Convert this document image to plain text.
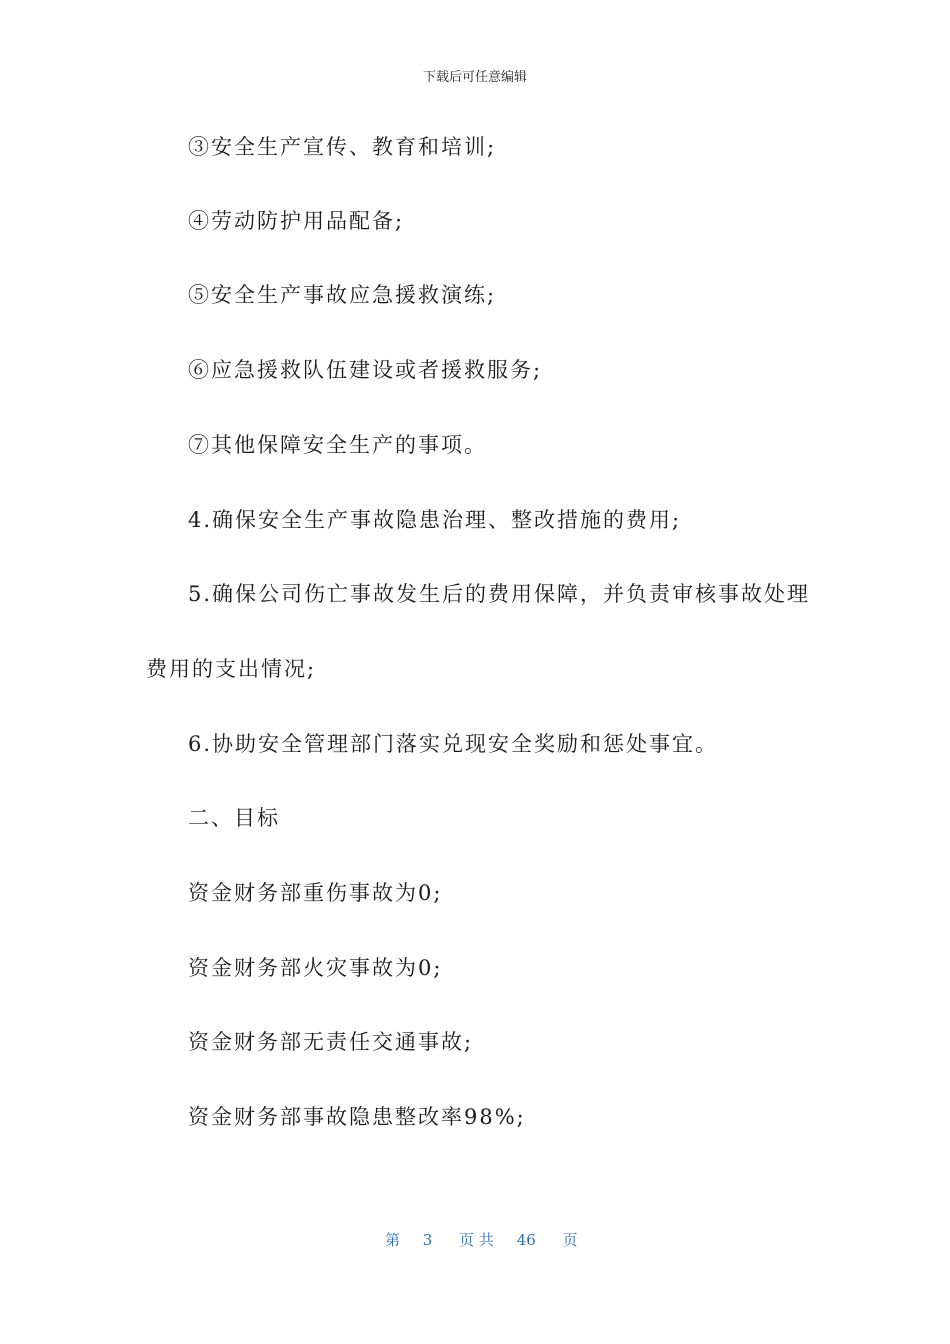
下载后可任意编辑
③安全生产宣传、教育和培训;
④劳动防护用品配备;
⑤安全生产事故应急援救演练;
⑥应急援救队伍建设或者援救服务;
⑦其他保障安全生产的事项。
4.确保安全生产事故隐患治理、整改措施的费用;
5.确保公司伤亡事故发生后的费用保障，并负责审核事故处理
费用的支出情况;
6.协助安全管理部门落实兑现安全奖励和惩处事宜。
二、目标
资金财务部重伤事故为0;
资金财务部火灾事故为0;
资金财务部无责任交通事故;
资金财务部事故隐患整改率98%;
第 3 页 共 46 页
